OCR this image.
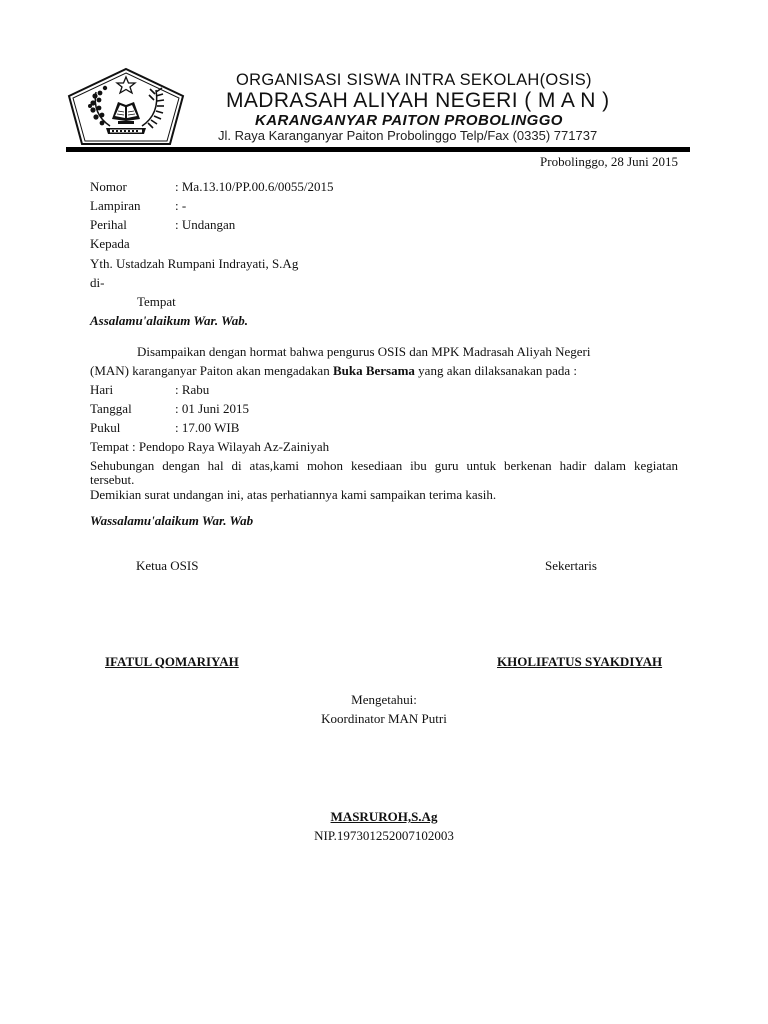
ORGANISASI SISWA INTRA SEKOLAH(OSIS)
MADRASAH ALIYAH NEGERI ( M A N )
KARANGANYAR PAITON PROBOLINGGO
Jl. Raya Karanganyar Paiton Probolinggo Telp/Fax (0335) 771737
Probolinggo, 28 Juni 2015
Nomor	: Ma.13.10/PP.00.6/0055/2015
Lampiran	: -
Perihal	: Undangan
Kepada
Yth. Ustadzah Rumpani Indrayati, S.Ag
di-
Tempat
Assalamu'alaikum War. Wab.
Disampaikan dengan hormat bahwa pengurus OSIS dan MPK Madrasah Aliyah Negeri
(MAN) karanganyar Paiton akan mengadakan Buka Bersama yang akan dilaksanakan pada :
Hari	: Rabu
Tanggal	: 01 Juni 2015
Pukul	: 17.00 WIB
Tempat : Pendopo Raya Wilayah Az-Zainiyah
Sehubungan dengan hal di atas,kami mohon kesediaan ibu guru untuk berkenan hadir dalam kegiatan
tersebut.
Demikian surat undangan ini, atas perhatiannya kami sampaikan terima kasih.
Wassalamu'alaikum War. Wab
Ketua OSIS	Sekertaris
IFATUL QOMARIYAH	KHOLIFATUS SYAKDIYAH
Mengetahui:
Koordinator MAN Putri
MASRUROH,S.Ag
NIP.197301252007102003
